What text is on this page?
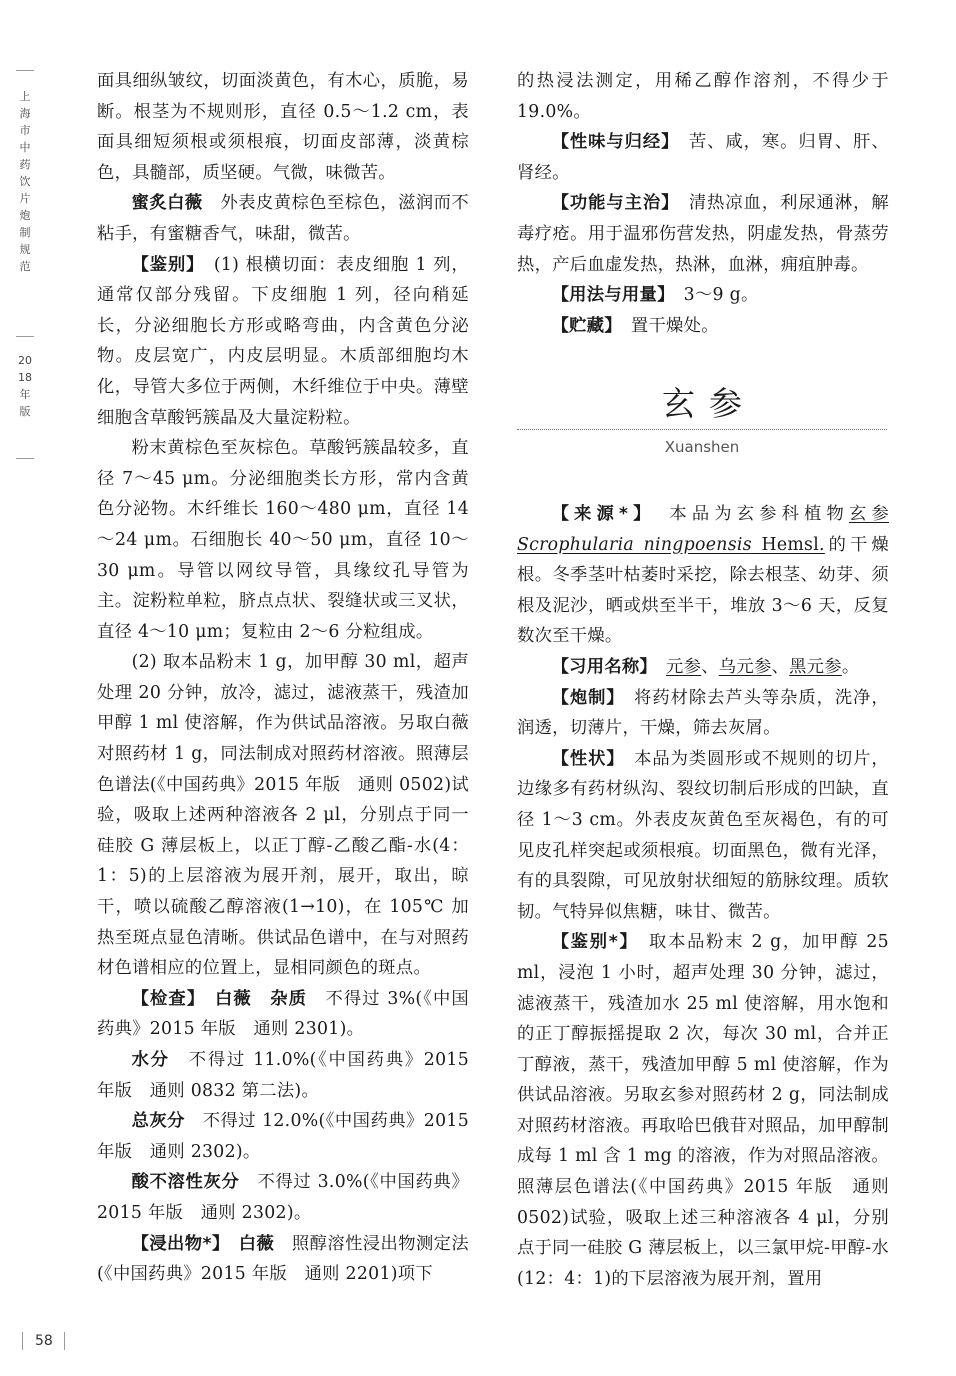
上海市中药饮片炮制规范
2018年版

面具细纵皱纹，切面淡黄色，有木心，质脆，易断。根茎为不规则形，直径 0.5～1.2 cm，表面具细短须根或须根痕，切面皮部薄，淡黄棕色，具髓部，质坚硬。气微，味微苦。

蜜炙白薇　外表皮黄棕色至棕色，滋润而不粘手，有蜜糖香气，味甜，微苦。

【鉴别】　(1) 根横切面：表皮细胞 1 列，通常仅部分残留。下皮细胞 1 列，径向稍延长，分泌细胞长方形或略弯曲，内含黄色分泌物。皮层宽广，内皮层明显。木质部细胞均木化，导管大多位于两侧，木纤维位于中央。薄壁细胞含草酸钙簇晶及大量淀粉粒。

粉末黄棕色至灰棕色。草酸钙簇晶较多，直径 7～45 μm。分泌细胞类长方形，常内含黄色分泌物。木纤维长 160～480 μm，直径 14～24 μm。石细胞长 40～50 μm，直径 10～30 μm。导管以网纹导管，具缘纹孔导管为主。淀粉粒单粒，脐点点状、裂缝状或三叉状，直径 4～10 μm；复粒由 2～6 分粒组成。

(2) 取本品粉末 1 g，加甲醇 30 ml，超声处理 20 分钟，放冷，滤过，滤液蒸干，残渣加甲醇 1 ml 使溶解，作为供试品溶液。另取白薇对照药材 1 g，同法制成对照药材溶液。照薄层色谱法(《中国药典》2015 年版　通则 0502)试验，吸取上述两种溶液各 2 μl，分别点于同一硅胶 G 薄层板上，以正丁醇-乙酸乙酯-水(4：1：5)的上层溶液为展开剂，展开，取出，晾干，喷以硫酸乙醇溶液(1→10)，在 105℃ 加热至斑点显色清晰。供试品色谱中，在与对照药材色谱相应的位置上，显相同颜色的斑点。

【检查】　白薇　杂质　不得过 3%(《中国药典》2015 年版　通则 2301)。

水分　不得过 11.0%(《中国药典》2015 年版　通则 0832 第二法)。

总灰分　不得过 12.0%(《中国药典》2015 年版　通则 2302)。

酸不溶性灰分　不得过 3.0%(《中国药典》2015 年版　通则 2302)。

【浸出物*】　白薇　照醇溶性浸出物测定法(《中国药典》2015 年版　通则 2201)项下

的热浸法测定，用稀乙醇作溶剂，不得少于 19.0%。

【性味与归经】　苦、咸，寒。归胃、肝、肾经。

【功能与主治】　清热凉血，利尿通淋，解毒疗疮。用于温邪伤营发热，阴虚发热，骨蒸劳热，产后血虚发热，热淋，血淋，痈疽肿毒。

【用法与用量】　3～9 g。

【贮藏】　置干燥处。

玄参
Xuanshen

【来源*】　本品为玄参科植物玄参Scrophularia ningpoensis Hemsl.的干燥根。冬季茎叶枯萎时采挖，除去根茎、幼芽、须根及泥沙，晒或烘至半干，堆放 3～6 天，反复数次至干燥。

【习用名称】　 元参、乌元参、黑元参。

【炮制】　将药材除去芦头等杂质，洗净，润透，切薄片，干燥，筛去灰屑。

【性状】　本品为类圆形或不规则的切片，边缘多有药材纵沟、裂纹切制后形成的凹缺，直径 1～3 cm。外表皮灰黄色至灰褐色，有的可见皮孔样突起或须根痕。切面黑色，微有光泽，有的具裂隙，可见放射状细短的筋脉纹理。质软韧。气特异似焦糖，味甘、微苦。

【鉴别*】　取本品粉末 2 g，加甲醇 25 ml，浸泡 1 小时，超声处理 30 分钟，滤过，滤液蒸干，残渣加水 25 ml 使溶解，用水饱和的正丁醇振摇提取 2 次，每次 30 ml，合并正丁醇液，蒸干，残渣加甲醇 5 ml 使溶解，作为供试品溶液。另取玄参对照药材 2 g，同法制成对照药材溶液。再取哈巴俄苷对照品，加甲醇制成每 1 ml 含 1 mg 的溶液，作为对照品溶液。照薄层色谱法(《中国药典》2015 年版　通则 0502)试验，吸取上述三种溶液各 4 μl，分别点于同一硅胶 G 薄层板上，以三氯甲烷-甲醇-水(12：4：1)的下层溶液为展开剂，置用

58
